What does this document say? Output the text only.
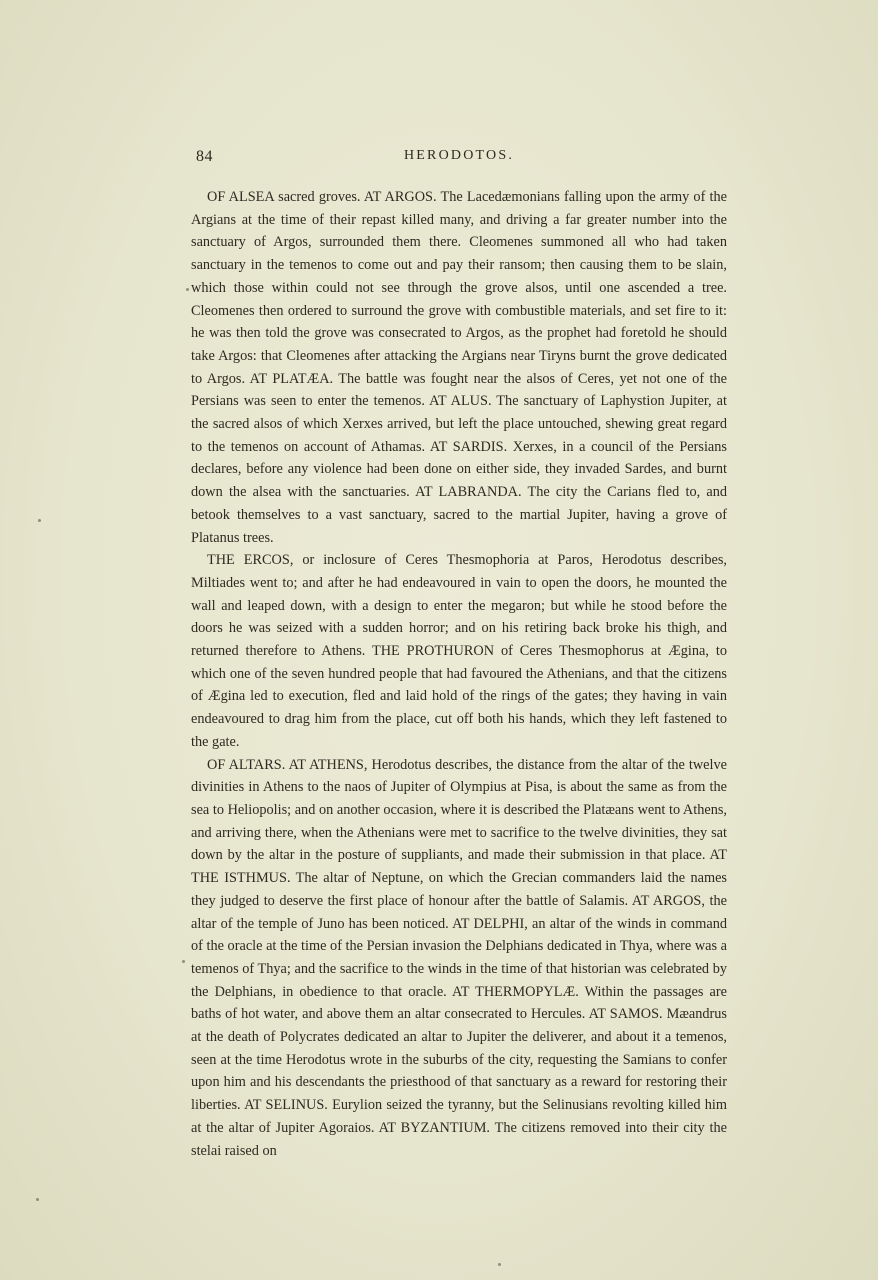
84	HERODOTOS.

OF ALSEA sacred groves. AT ARGOS. The Lacedæmonians falling upon the army of the Argians at the time of their repast killed many, and driving a far greater number into the sanctuary of Argos, surrounded them there. Cleomenes summoned all who had taken sanctuary in the temenos to come out and pay their ransom; then causing them to be slain, which those within could not see through the grove alsos, until one ascended a tree. Cleomenes then ordered to surround the grove with combustible materials, and set fire to it: he was then told the grove was consecrated to Argos, as the prophet had foretold he should take Argos: that Cleomenes after attacking the Argians near Tiryns burnt the grove dedicated to Argos. AT PLATÆA. The battle was fought near the alsos of Ceres, yet not one of the Persians was seen to enter the temenos. AT ALUS. The sanctuary of Laphystion Jupiter, at the sacred alsos of which Xerxes arrived, but left the place untouched, shewing great regard to the temenos on account of Athamas. AT SARDIS. Xerxes, in a council of the Persians declares, before any violence had been done on either side, they invaded Sardes, and burnt down the alsea with the sanctuaries. AT LABRANDA. The city the Carians fled to, and betook themselves to a vast sanctuary, sacred to the martial Jupiter, having a grove of Platanus trees.

THE ERCOS, or inclosure of Ceres Thesmophoria at Paros, Herodotus describes, Miltiades went to; and after he had endeavoured in vain to open the doors, he mounted the wall and leaped down, with a design to enter the megaron; but while he stood before the doors he was seized with a sudden horror; and on his retiring back broke his thigh, and returned therefore to Athens. THE PROTHURON of Ceres Thesmophorus at Ægina, to which one of the seven hundred people that had favoured the Athenians, and that the citizens of Ægina led to execution, fled and laid hold of the rings of the gates; they having in vain endeavoured to drag him from the place, cut off both his hands, which they left fastened to the gate.

OF ALTARS. AT ATHENS, Herodotus describes, the distance from the altar of the twelve divinities in Athens to the naos of Jupiter of Olympius at Pisa, is about the same as from the sea to Heliopolis; and on another occasion, where it is described the Platæans went to Athens, and arriving there, when the Athenians were met to sacrifice to the twelve divinities, they sat down by the altar in the posture of suppliants, and made their submission in that place. AT THE ISTHMUS. The altar of Neptune, on which the Grecian commanders laid the names they judged to deserve the first place of honour after the battle of Salamis. AT ARGOS, the altar of the temple of Juno has been noticed. AT DELPHI, an altar of the winds in command of the oracle at the time of the Persian invasion the Delphians dedicated in Thya, where was a temenos of Thya; and the sacrifice to the winds in the time of that historian was celebrated by the Delphians, in obedience to that oracle. AT THERMOPYLÆ. Within the passages are baths of hot water, and above them an altar consecrated to Hercules. AT SAMOS. Mæandrus at the death of Polycrates dedicated an altar to Jupiter the deliverer, and about it a temenos, seen at the time Herodotus wrote in the suburbs of the city, requesting the Samians to confer upon him and his descendants the priesthood of that sanctuary as a reward for restoring their liberties. AT SELINUS. Eurylion seized the tyranny, but the Selinusians revolting killed him at the altar of Jupiter Agoraios. AT BYZANTIUM. The citizens removed into their city the stelai raised on
